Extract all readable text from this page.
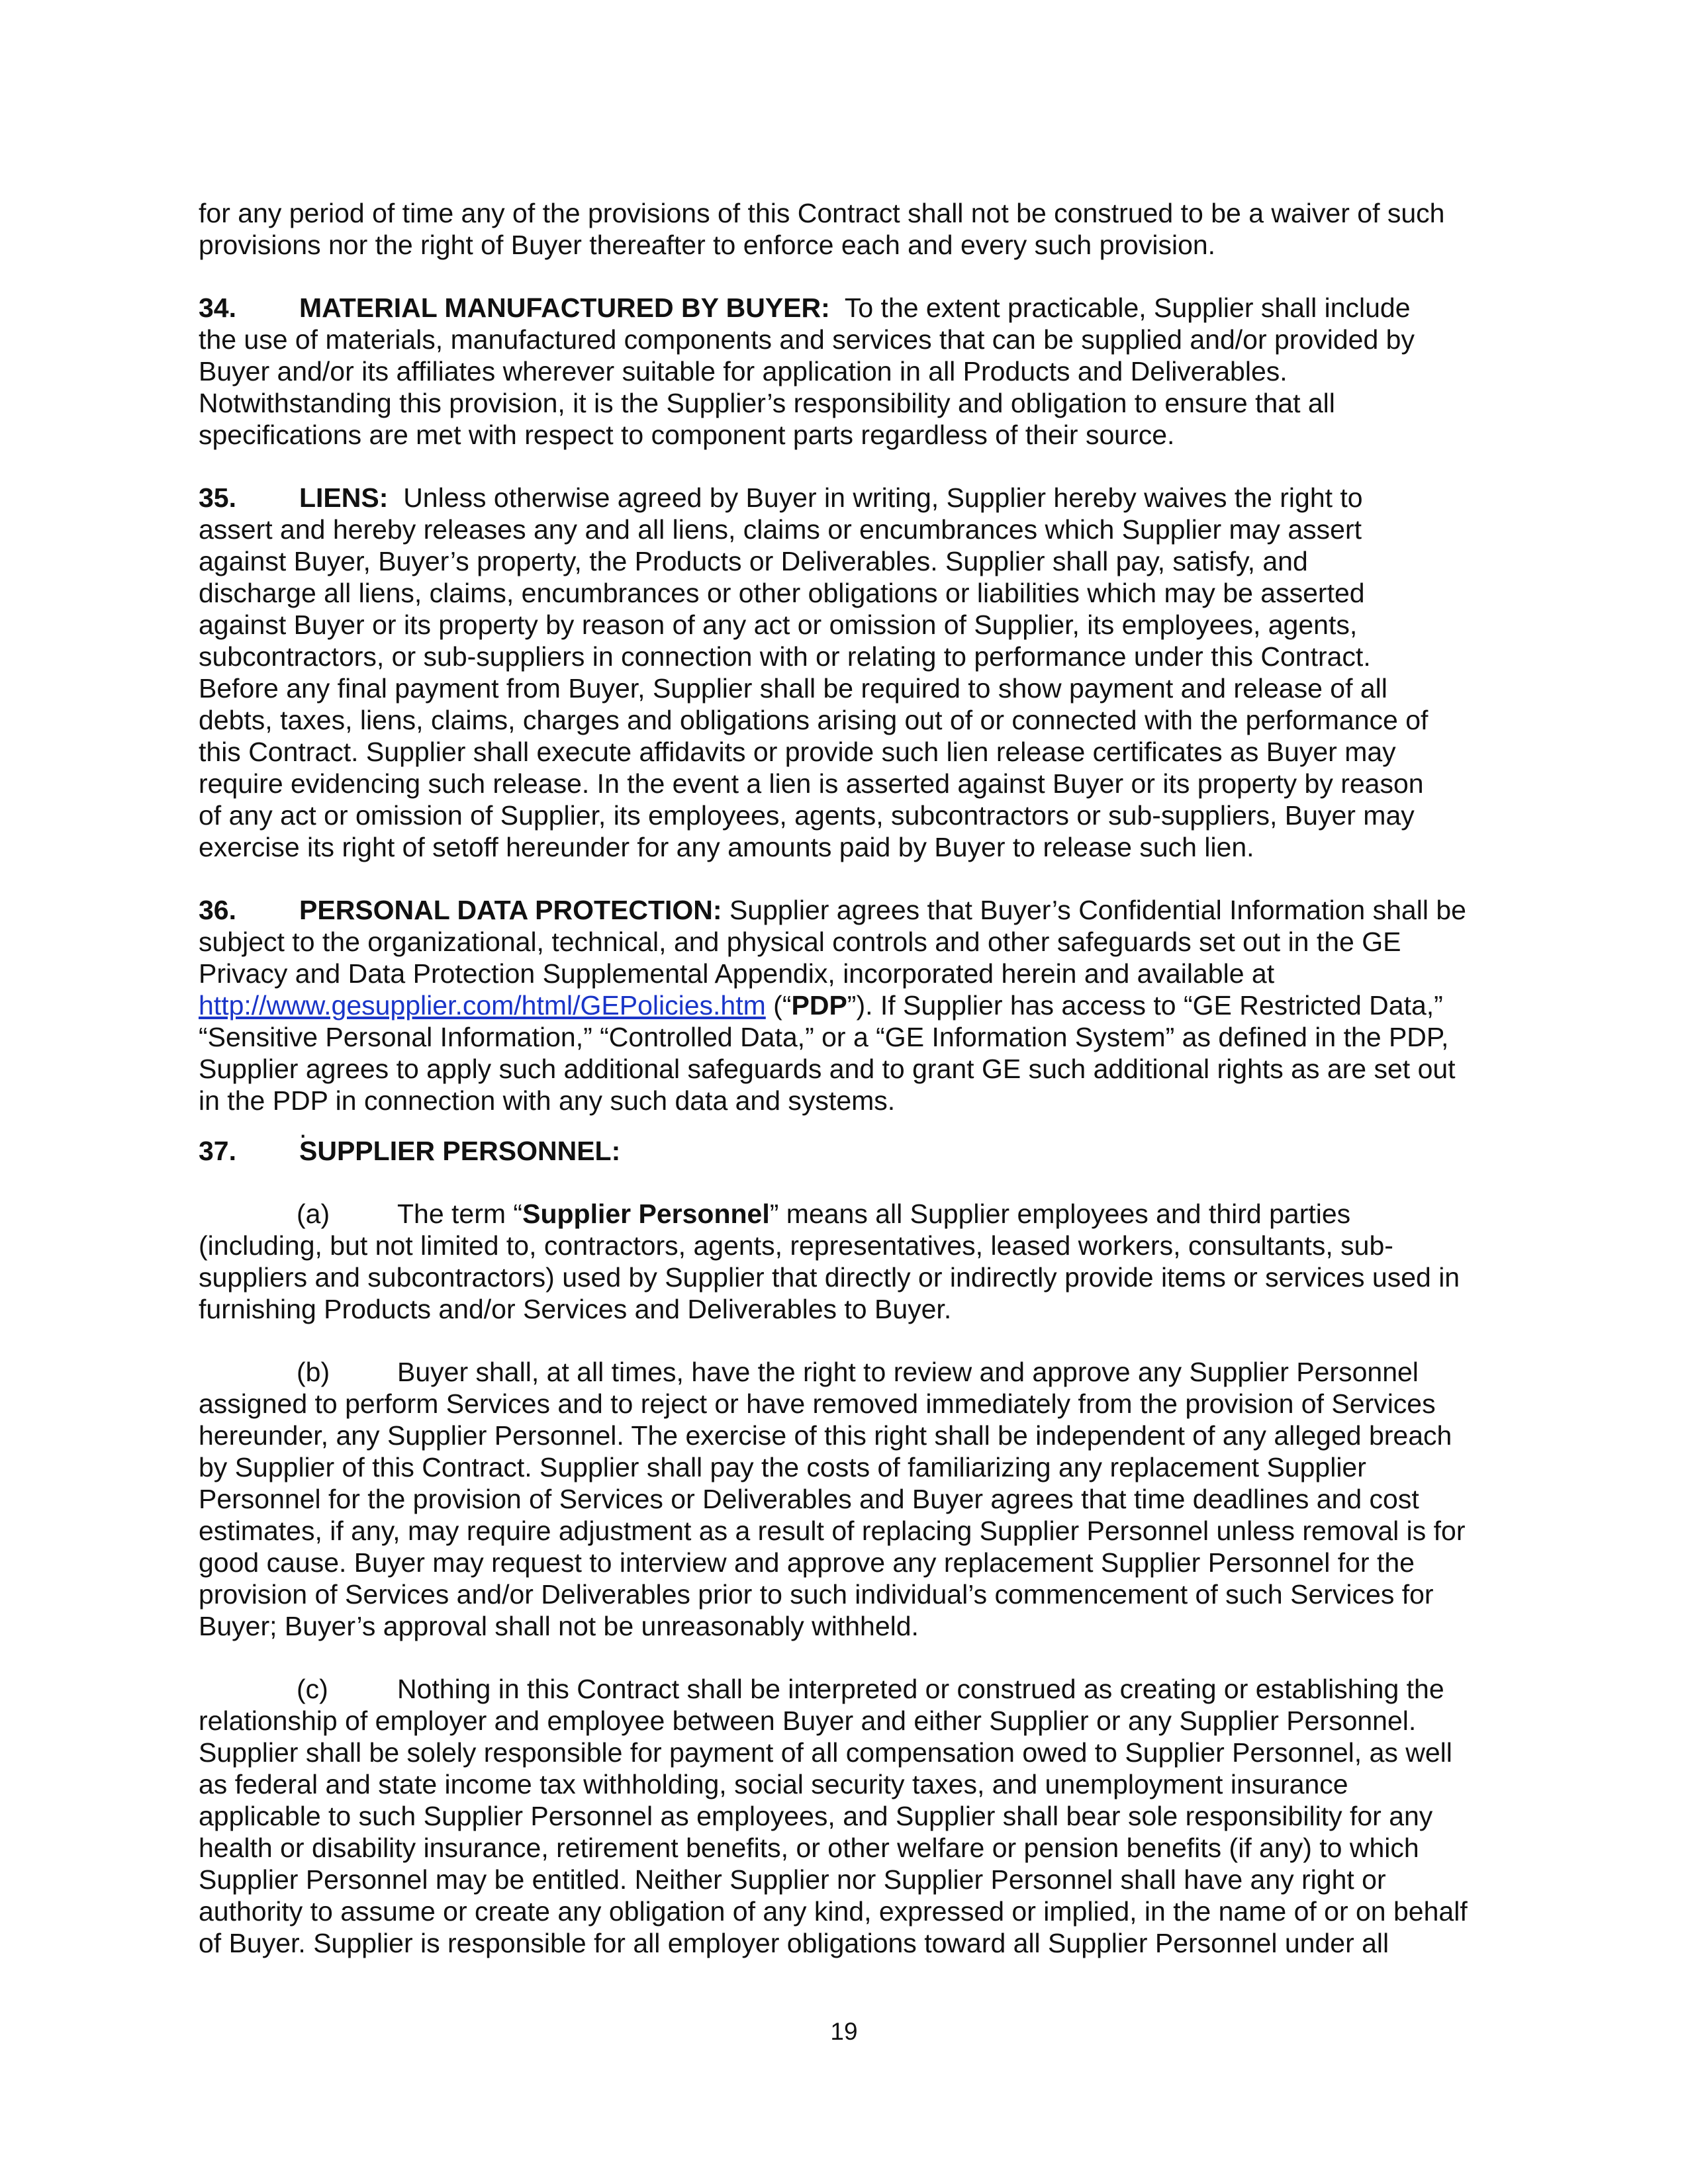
for any period of time any of the provisions of this Contract shall not be construed to be a waiver of such
provisions nor the right of Buyer thereafter to enforce each and every such provision.

34. MATERIAL MANUFACTURED BY BUYER: To the extent practicable, Supplier shall include
the use of materials, manufactured components and services that can be supplied and/or provided by
Buyer and/or its affiliates wherever suitable for application in all Products and Deliverables.
Notwithstanding this provision, it is the Supplier’s responsibility and obligation to ensure that all
specifications are met with respect to component parts regardless of their source.

35. LIENS: Unless otherwise agreed by Buyer in writing, Supplier hereby waives the right to
assert and hereby releases any and all liens, claims or encumbrances which Supplier may assert
against Buyer, Buyer’s property, the Products or Deliverables. Supplier shall pay, satisfy, and
discharge all liens, claims, encumbrances or other obligations or liabilities which may be asserted
against Buyer or its property by reason of any act or omission of Supplier, its employees, agents,
subcontractors, or sub-suppliers in connection with or relating to performance under this Contract.
Before any final payment from Buyer, Supplier shall be required to show payment and release of all
debts, taxes, liens, claims, charges and obligations arising out of or connected with the performance of
this Contract. Supplier shall execute affidavits or provide such lien release certificates as Buyer may
require evidencing such release. In the event a lien is asserted against Buyer or its property by reason
of any act or omission of Supplier, its employees, agents, subcontractors or sub-suppliers, Buyer may
exercise its right of setoff hereunder for any amounts paid by Buyer to release such lien.

36. PERSONAL DATA PROTECTION: Supplier agrees that Buyer’s Confidential Information shall be
subject to the organizational, technical, and physical controls and other safeguards set out in the GE
Privacy and Data Protection Supplemental Appendix, incorporated herein and available at
http://www.gesupplier.com/html/GEPolicies.htm (“PDP”). If Supplier has access to “GE Restricted Data,”
“Sensitive Personal Information,” “Controlled Data,” or a “GE Information System” as defined in the PDP,
Supplier agrees to apply such additional safeguards and to grant GE such additional rights as are set out
in the PDP in connection with any such data and systems.

.

37. SUPPLIER PERSONNEL:

(a) The term “Supplier Personnel” means all Supplier employees and third parties
(including, but not limited to, contractors, agents, representatives, leased workers, consultants, sub-
suppliers and subcontractors) used by Supplier that directly or indirectly provide items or services used in
furnishing Products and/or Services and Deliverables to Buyer.

(b) Buyer shall, at all times, have the right to review and approve any Supplier Personnel
assigned to perform Services and to reject or have removed immediately from the provision of Services
hereunder, any Supplier Personnel. The exercise of this right shall be independent of any alleged breach
by Supplier of this Contract. Supplier shall pay the costs of familiarizing any replacement Supplier
Personnel for the provision of Services or Deliverables and Buyer agrees that time deadlines and cost
estimates, if any, may require adjustment as a result of replacing Supplier Personnel unless removal is for
good cause. Buyer may request to interview and approve any replacement Supplier Personnel for the
provision of Services and/or Deliverables prior to such individual’s commencement of such Services for
Buyer; Buyer’s approval shall not be unreasonably withheld.

(c)	Nothing in this Contract shall be interpreted or construed as creating or establishing the
relationship of employer and employee between Buyer and either Supplier or any Supplier Personnel.
Supplier shall be solely responsible for payment of all compensation owed to Supplier Personnel, as well
as federal and state income tax withholding, social security taxes, and unemployment insurance
applicable to such Supplier Personnel as employees, and Supplier shall bear sole responsibility for any
health or disability insurance, retirement benefits, or other welfare or pension benefits (if any) to which
Supplier Personnel may be entitled. Neither Supplier nor Supplier Personnel shall have any right or
authority to assume or create any obligation of any kind, expressed or implied, in the name of or on behalf
of Buyer. Supplier is responsible for all employer obligations toward all Supplier Personnel under all

19
